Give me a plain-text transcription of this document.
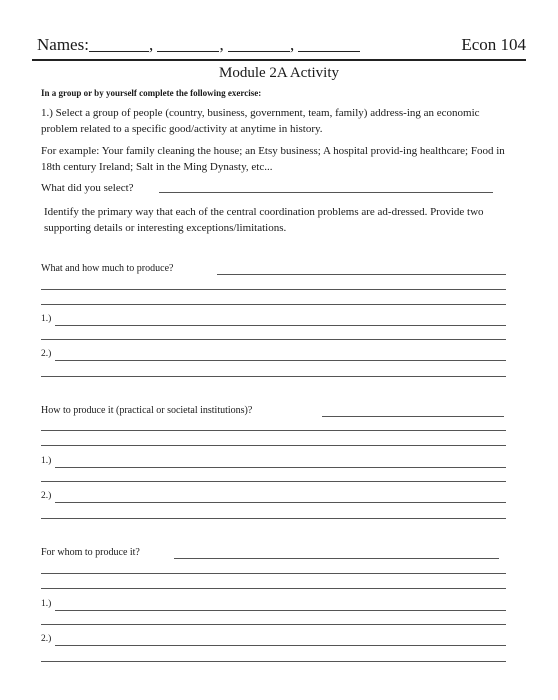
Names:	,	,	,	Econ 104
Module 2A Activity
In a group or by yourself complete the following exercise:
1.) Select a group of people (country, business, government, team, family) address-ing an economic problem related to a specific good/activity at anytime in history.
For example: Your family cleaning the house; an Etsy business; A hospital provid-ing healthcare; Food in 18th century Ireland; Salt in the Ming Dynasty, etc...
What did you select?
Identify the primary way that each of the central coordination problems are ad-dressed. Provide two supporting details or interesting exceptions/limitations.
What and how much to produce?
1.)
2.)
How to produce it (practical or societal institutions)?
1.)
2.)
For whom to produce it?
1.)
2.)
